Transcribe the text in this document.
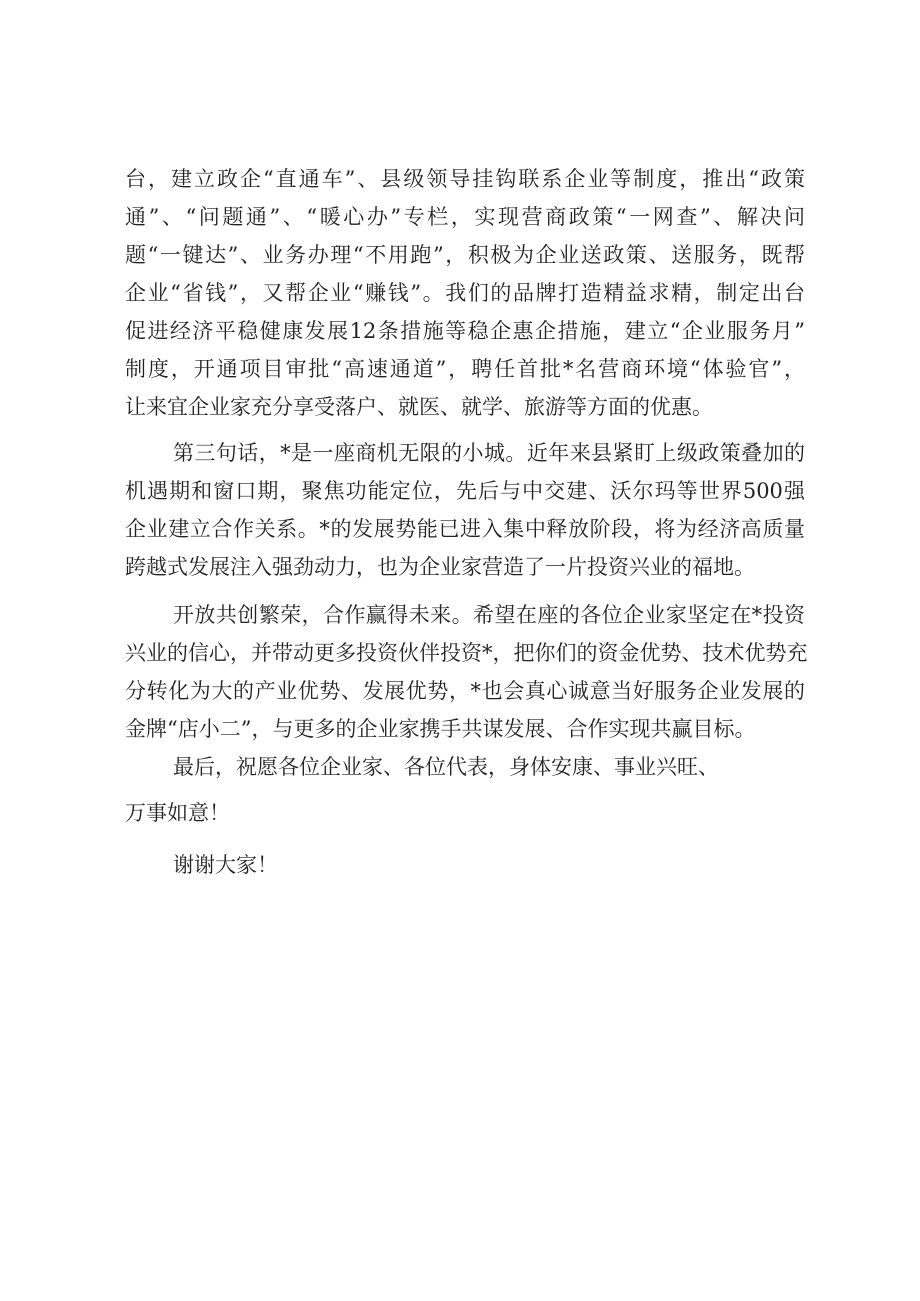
台，建立政企“直通车”、县级领导挂钩联系企业等制度，推出“政策
通”、“问题通”、“暖心办”专栏，实现营商政策“一网查”、解决问
题“一键达”、业务办理“不用跑”，积极为企业送政策、送服务，既帮
企业“省钱”，又帮企业“赚钱”。我们的品牌打造精益求精，制定出台
促进经济平稳健康发展12条措施等稳企惠企措施，建立“企业服务月”
制度，开通项目审批“高速通道”，聘任首批*名营商环境“体验官”，
让来宜企业家充分享受落户、就医、就学、旅游等方面的优惠。
第三句话，*是一座商机无限的小城。近年来县紧盯上级政策叠加的
机遇期和窗口期，聚焦功能定位，先后与中交建、沃尔玛等世界500强
企业建立合作关系。*的发展势能已进入集中释放阶段，将为经济高质量
跨越式发展注入强劲动力，也为企业家营造了一片投资兴业的福地。
开放共创繁荣，合作赢得未来。希望在座的各位企业家坚定在*投资
兴业的信心，并带动更多投资伙伴投资*，把你们的资金优势、技术优势充
分转化为大的产业优势、发展优势，*也会真心诚意当好服务企业发展的
金牌“店小二”，与更多的企业家携手共谋发展、合作实现共赢目标。
最后，祝愿各位企业家、各位代表，身体安康、事业兴旺、
万事如意！
谢谢大家！
